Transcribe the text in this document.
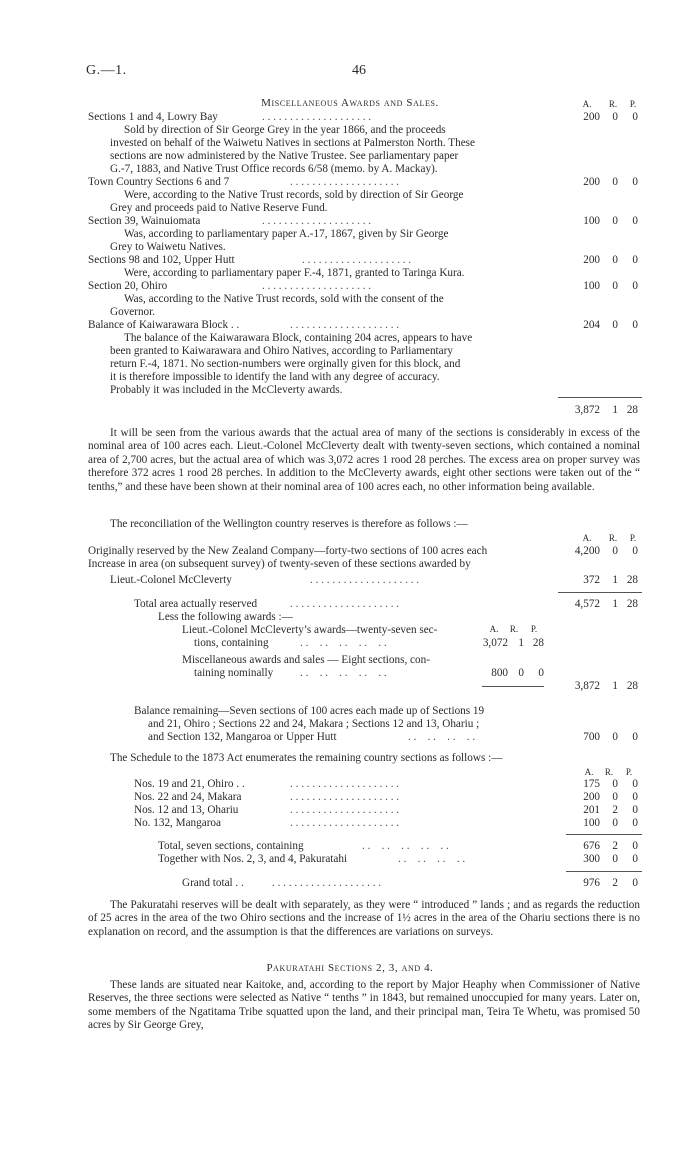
G.—1.	46
Miscellaneous Awards and Sales.	A. R.	P.
Sections 1 and 4, Lowry Bay	. . . . . . . . . . . . . . . . . . . .	200	0	0
Sold by direction of Sir George Grey in the year 1866, and the proceeds
invested on behalf of the Waiwetu Natives in sections at Palmerston North. These
sections are now administered by the Native Trustee. See parliamentary paper
G.-7, 1883, and Native Trust Office records 6/58 (memo. by A. Mackay).
Town Country Sections 6 and 7	. . . . . . . . . . . . . . . . . . . .	200	0	0
Were, according to the Native Trust records, sold by direction of Sir George
Grey and proceeds paid to Native Reserve Fund.
Section 39, Wainuiomata	. . . . . . . . . . . . . . . . . . . .	100	0	0
Was, according to parliamentary paper A.-17, 1867, given by Sir George
Grey to Waiwetu Natives.
Sections 98 and 102, Upper Hutt	. . . . . . . . . . . . . . . . . . . .	200	0	0
Were, according to parliamentary paper F.-4, 1871, granted to Taringa Kura.
Section 20, Ohiro	. . . . . . . . . . . . . . . . . . . .	100	0	0
Was, according to the Native Trust records, sold with the consent of the
Governor.
Balance of Kaiwarawara Block . .	. . . . . . . . . . . . . . . . . . . .	204	0	0
The balance of the Kaiwarawara Block, containing 204 acres, appears to have
been granted to Kaiwarawara and Ohiro Natives, according to Parliamentary
return F.-4, 1871. No section-numbers were orginally given for this block, and
it is therefore impossible to identify the land with any degree of accuracy.
Probably it was included in the McCleverty awards.
3,872	1 28
It will be seen from the various awards that the actual area of many of the sections is considerably in excess of the nominal area of 100 acres each. Lieut.-Colonel McCleverty dealt with twenty-seven sections, which contained a nominal area of 2,700 acres, but the actual area of which was 3,072 acres 1 rood 28 perches. The excess area on proper survey was therefore 372 acres 1 rood 28 perches. In addition to the McCleverty awards, eight other sections were taken out of the “ tenths,” and these have been shown at their nominal area of 100 acres each, no other information being available.
The reconciliation of the Wellington country reserves is therefore as follows :—
A. R.	P.
Originally reserved by the New Zealand Company—forty-two sections of 100 acres each	4,200	0	0
Increase in area (on subsequent survey) of twenty-seven of these sections awarded by
Lieut.-Colonel McCleverty	. . . . . . . . . . . . . . . . . . . .	372	1 28
Total area actually reserved	. . . . . . . . . . . . . . . . . . . .	4,572	1 28
Less the following awards :—
A. R.	P.
Lieut.-Colonel McCleverty’s awards—twenty-seven sec-
tions, containing	. .    . .    . .    . .    . .	3,072 1 28
Miscellaneous awards and sales — Eight sections, con-
taining nominally . .    . .    . .    . .    . .	800 0	0
3,872	1 28
Balance remaining—Seven sections of 100 acres each made up of Sections 19
and 21, Ohiro ; Sections 22 and 24, Makara ; Sections 12 and 13, Ohariu ;
and Section 132, Mangaroa or Upper Hutt	. .    . .    . .    . .	700	0	0
The Schedule to the 1873 Act enumerates the remaining country sections as follows :—
A. R.	P.
Nos. 19 and 21, Ohiro . .	. . . . . . . . . . . . . . . . . . . .	175	0	0
Nos. 22 and 24, Makara	. . . . . . . . . . . . . . . . . . . .	200	0	0
Nos. 12 and 13, Ohariu	. . . . . . . . . . . . . . . . . . . .	201	2	0
No. 132, Mangaroa	. . . . . . . . . . . . . . . . . . . .	100	0	0
Total, seven sections, containing	. .    . .    . .    . .    . .	676	2	0
Together with Nos. 2, 3, and 4, Pakuratahi	. .    . .    . .    . .	300	0	0
Grand total . .	. . . . . . . . . . . . . . . . . . . .	976	2	0
The Pakuratahi reserves will be dealt with separately, as they were “ introduced ” lands ; and as regards the reduction of 25 acres in the area of the two Ohiro sections and the increase of 1½ acres in the area of the Ohariu sections there is no explanation on record, and the assumption is that the differences are variations on surveys.
Pakuratahi Sections 2, 3, and 4.
These lands are situated near Kaitoke, and, according to the report by Major Heaphy when Commissioner of Native Reserves, the three sections were selected as Native “ tenths ” in 1843, but remained unoccupied for many years. Later on, some members of the Ngatitama Tribe squatted upon the land, and their principal man, Teira Te Whetu, was promised 50 acres by Sir George Grey,
